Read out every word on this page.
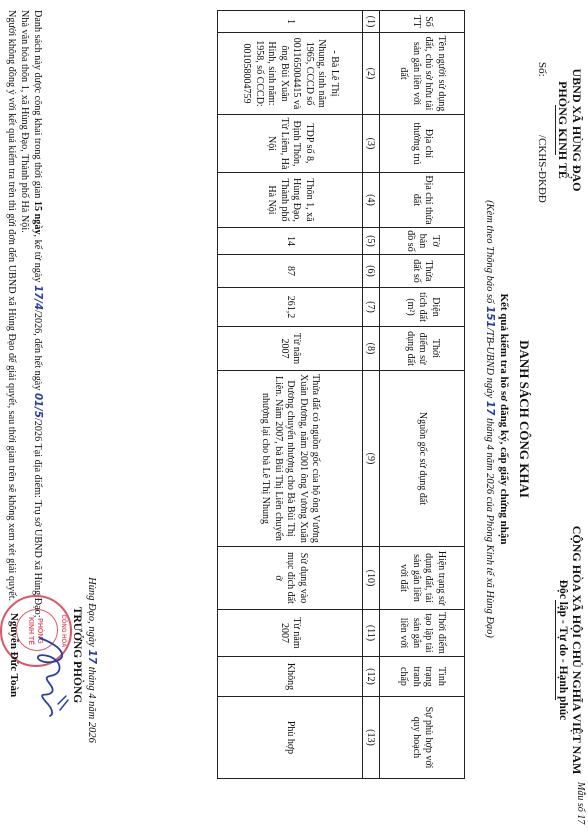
UBND XÃ HÙNG ĐẠO
PHÒNG KINH TẾ
Số:
/CKHS-ĐKĐĐ
Mẫu số 17
CỘNG HÒA XÃ HỘI CHỦ NGHĨA VIỆT NAM
Độc lập - Tự do - Hạnh phúc
DANH SÁCH CÔNG KHAI
Kết quả kiểm tra hồ sơ đăng ký, cấp giấy chứng nhận
(Kèm theo Thông báo số 151/TB-UBND ngày 17 tháng 4 năm 2026 của Phòng Kinh tế xã Hùng Đạo)
Số TT	Tên người sử dụng đất, chủ sở hữu tài sản gắn liền với đất	Địa chỉ thường trú	Địa chỉ thửa đất	Tờ bản đồ số	Thửa đất số	Diện tích đất (m²)	Thời điểm sử dụng đất	Nguồn gốc sử dụng đất	Hiện trạng sử dụng đất, tài sản gắn liền với đất	Thời điểm tạo lập tài sản gắn liền với	Tình trạng tranh chấp	Sự phù hợp với quy hoạch
(1)	(2)	(3)	(4)	(5)	(6)	(7)	(8)	(9)	(10)	(11)	(12)	(13)
1	- Bà Lê Thị Nhung, sinh năm 1965, CCCD số 001165004415 và ông Bùi Xuân Hinh, sinh năm: 1958, số CCCD: 001058004759	TDP số 8, Định Thôn, Từ Liêm, Hà Nội	Thôn 1, xã Hùng Đạo, Thành phố Hà Nội	14	87	261,2	Từ năm 2007	Thửa đất có nguồn gốc của hộ ông Vương Xuân Dương, năm 2001 ông Vương Xuân Dương chuyển nhượng cho Bà Bùi Thị Liên. Năm 2007, bà Bùi Thị Liên chuyển nhượng lại cho bà Lê Thị Nhung	Sử dụng vào mục đích đất ở	Từ năm 2007	Không	Phù hợp
Danh sách này được công khai trong thời gian 15 ngày, kể từ ngày 17/4/2026, đến hết ngày 01/5/2026 Tại địa điểm: Trụ sở UBND xã Hùng Đạo;
Nhà văn hóa thôn 1, xã Hùng Đạo, Thành phố Hà Nội.
Người không đồng ý với kết quả kiểm tra trên thì gửi đơn đến UBND xã Hùng Đạo để giải quyết, sau thời gian trên sẽ không xem xét giải quyết.
Hùng Đạo, ngày 17 tháng 4 năm 2026
TRƯỞNG PHÒNG
CÔNG HÒA
PHÒNG KINH TẾ
Nguyễn Đức Toàn
